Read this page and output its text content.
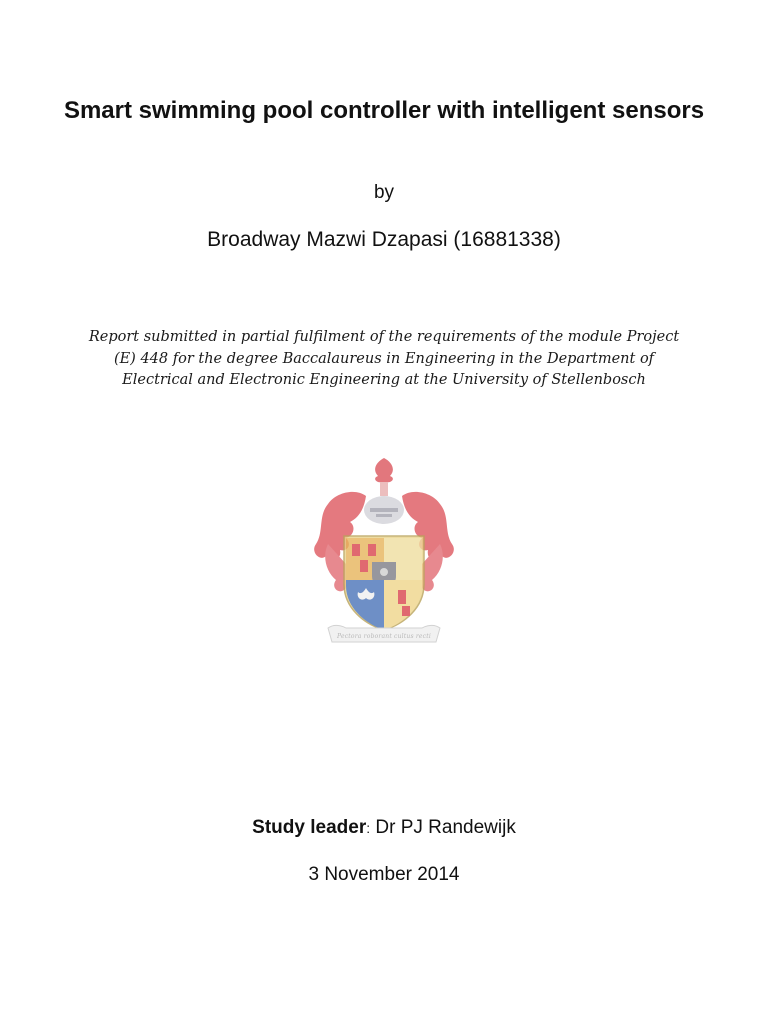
Smart swimming pool controller with intelligent sensors
by
Broadway Mazwi Dzapasi (16881338)
Report submitted in partial fulfilment of the requirements of the module Project (E) 448 for the degree Baccalaureus in Engineering in the Department of Electrical and Electronic Engineering at the University of Stellenbosch
Pectora roborant cultus recti
Study leader: Dr PJ Randewijk
3 November 2014
